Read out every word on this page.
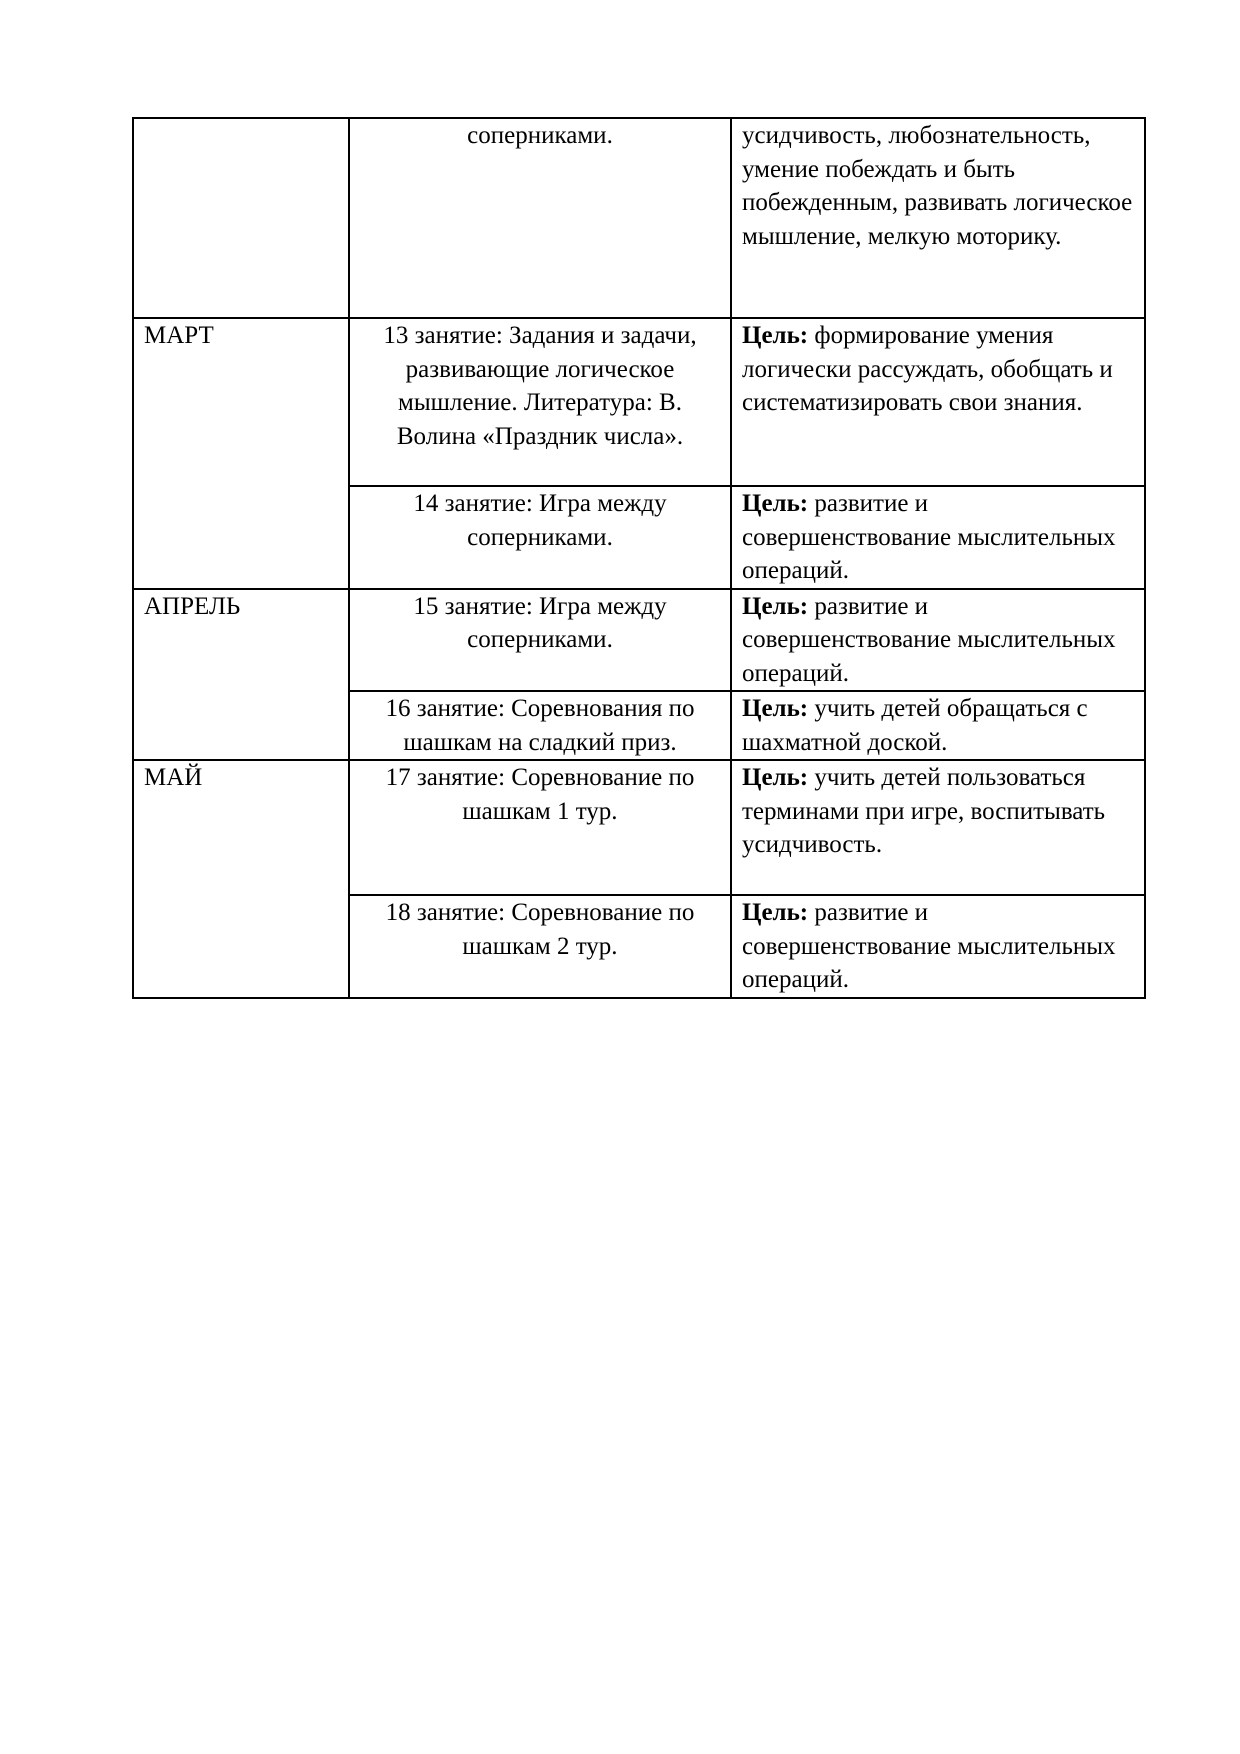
	соперниками.	усидчивость, любознательность, умение побеждать и быть побежденным, развивать логическое мышление, мелкую моторику.
МАРТ	13 занятие: Задания и задачи, развивающие логическое мышление. Литература: В. Волина «Праздник числа».	Цель: формирование умения логически рассуждать, обобщать и систематизировать свои знания.
	14 занятие: Игра между соперниками.	Цель: развитие и совершенствование мыслительных операций.
АПРЕЛЬ	15 занятие: Игра между соперниками.	Цель: развитие и совершенствование мыслительных операций.
	16 занятие: Соревнования по шашкам на сладкий приз.	Цель: учить детей обращаться с шахматной доской.
МАЙ	17 занятие: Соревнование по шашкам 1 тур.	Цель: учить детей пользоваться терминами при игре, воспитывать усидчивость.
	18 занятие: Соревнование по шашкам 2 тур.	Цель: развитие и совершенствование мыслительных операций.
